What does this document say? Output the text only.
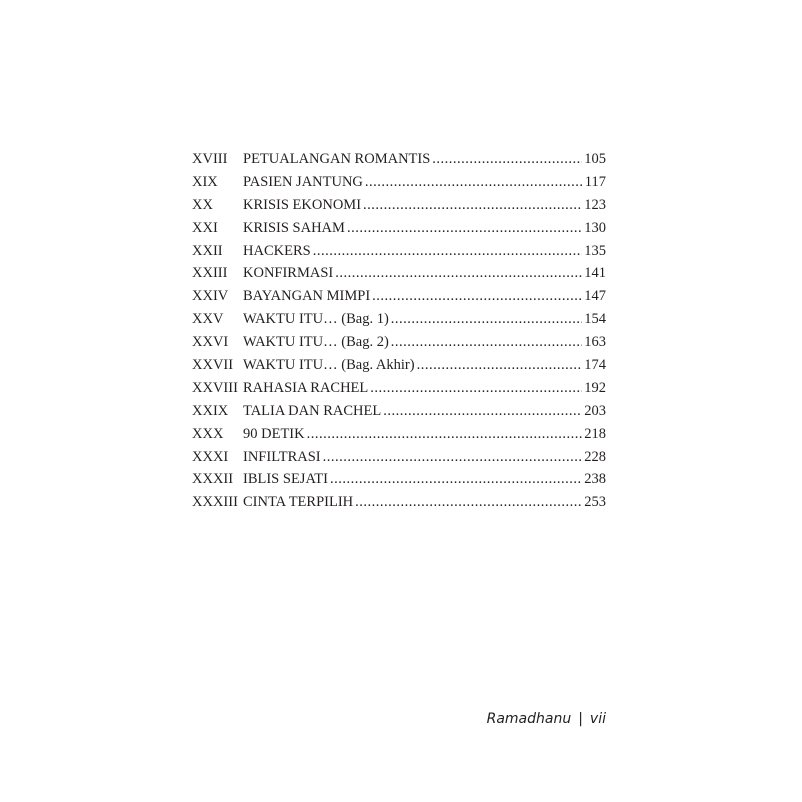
XVIII	PETUALANGAN ROMANTIS .....	105
XIX	PASIEN JANTUNG .....	117
XX	KRISIS EKONOMI .....	123
XXI	KRISIS SAHAM .....	130
XXII	HACKERS .....	135
XXIII	KONFIRMASI .....	141
XXIV	BAYANGAN MIMPI .....	147
XXV	WAKTU ITU… (Bag. 1) .....	154
XXVI	WAKTU ITU… (Bag. 2) .....	163
XXVII WAKTU ITU… (Bag. Akhir) .....	174
XXVIII RAHASIA RACHEL .....	192
XXIX	TALIA DAN RACHEL .....	203
XXX	90 DETIK .....	218
XXXI	INFILTRASI .....	228
XXXII IBLIS SEJATI .....	238
XXXIII CINTA TERPILIH .....	253
Ramadhanu | vii
